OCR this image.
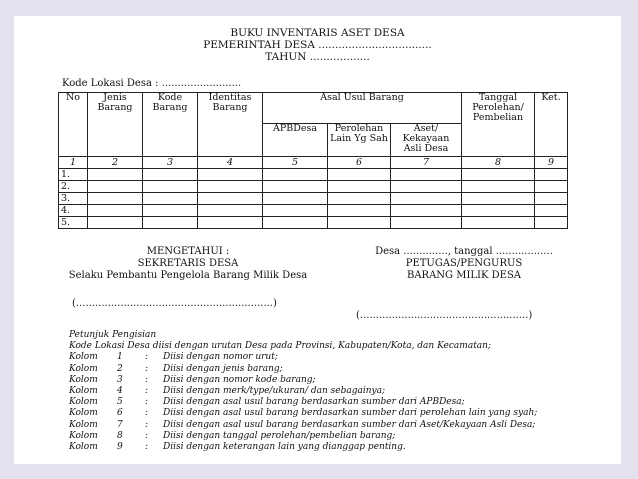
BUKU INVENTARIS ASET DESA
PEMERINTAH DESA ..................................
TAHUN ..................
Kode Lokasi Desa : .........................
No	Jenis Barang	Kode Barang	Identitas Barang	Asal Usul Barang			Tanggal Perolehan/ Pembelian	Ket.
				APBDesa	Perolehan Lain Yg Sah	Aset/ Kekayaan Asli Desa		
1	2	3	4	5	6	7	8	9
1.								
2.								
3.								
4.								
5.								
MENGETAHUI :
SEKRETARIS DESA
Selaku Pembantu Pengelola Barang Milik Desa
(..............................................................)
Desa .............., tanggal ..................
PETUGAS/PENGURUS
BARANG MILIK DESA
(.....................................................)
Petunjuk Pengisian
Kode Lokasi Desa diisi dengan urutan Desa pada Provinsi, Kabupaten/Kota, dan Kecamatan;
Kolom 1 : Diisi dengan nomor urut;
Kolom 2 : Diisi dengan jenis barang;
Kolom 3 : Diisi dengan nomor kode barang;
Kolom 4 : Diisi dengan merk/type/ukuran/ dan sebagainya;
Kolom 5 : Diisi dengan asal usul barang berdasarkan sumber dari APBDesa;
Kolom 6 : Diisi dengan asal usul barang berdasarkan sumber dari perolehan lain yang syah;
Kolom 7 : Diisi dengan asal usul barang berdasarkan sumber dari Aset/Kekayaan Asli Desa;
Kolom 8 : Diisi dengan tanggal perolehan/pembelian barang;
Kolom 9 : Diisi dengan keterangan lain yang dianggap penting.
